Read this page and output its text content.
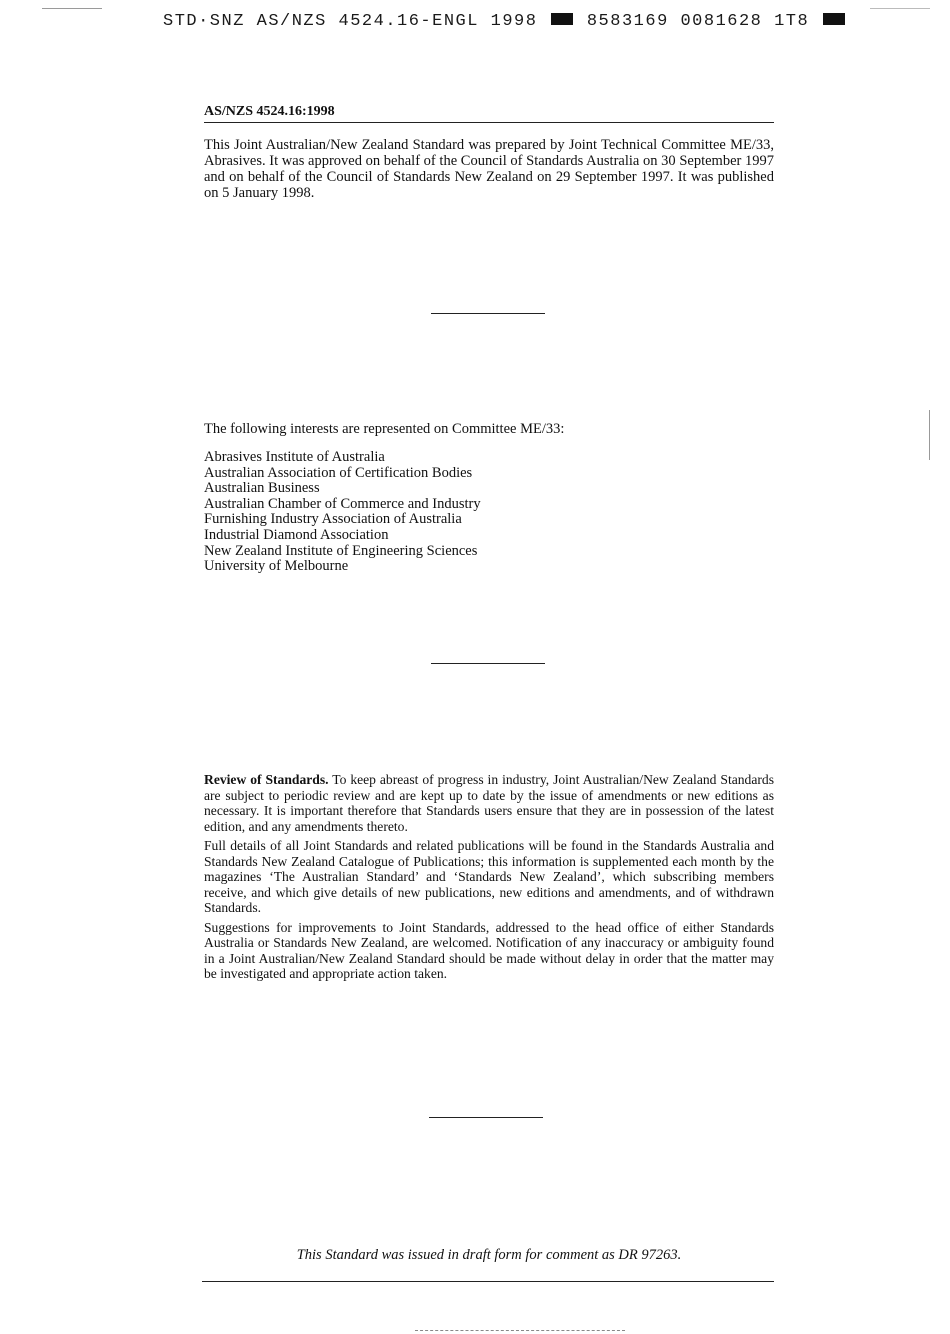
STD·SNZ AS/NZS 4524.16-ENGL 1998	8583169 0081628 1T8
AS/NZS 4524.16:1998

This Joint Australian/New Zealand Standard was prepared by Joint Technical Committee ME/33, Abrasives. It was approved on behalf of the Council of Standards Australia on 30 September 1997 and on behalf of the Council of Standards New Zealand on 29 September 1997. It was published on 5 January 1998.

The following interests are represented on Committee ME/33:
Abrasives Institute of Australia
Australian Association of Certification Bodies
Australian Business
Australian Chamber of Commerce and Industry
Furnishing Industry Association of Australia
Industrial Diamond Association
New Zealand Institute of Engineering Sciences
University of Melbourne

Review of Standards. To keep abreast of progress in industry, Joint Australian/New Zealand Standards are subject to periodic review and are kept up to date by the issue of amendments or new editions as necessary. It is important therefore that Standards users ensure that they are in possession of the latest edition, and any amendments thereto.

Full details of all Joint Standards and related publications will be found in the Standards Australia and Standards New Zealand Catalogue of Publications; this information is supplemented each month by the magazines ‘The Australian Standard’ and ‘Standards New Zealand’, which subscribing members receive, and which give details of new publications, new editions and amendments, and of withdrawn Standards.

Suggestions for improvements to Joint Standards, addressed to the head office of either Standards Australia or Standards New Zealand, are welcomed. Notification of any inaccuracy or ambiguity found in a Joint Australian/New Zealand Standard should be made without delay in order that the matter may be investigated and appropriate action taken.

This Standard was issued in draft form for comment as DR 97263.
